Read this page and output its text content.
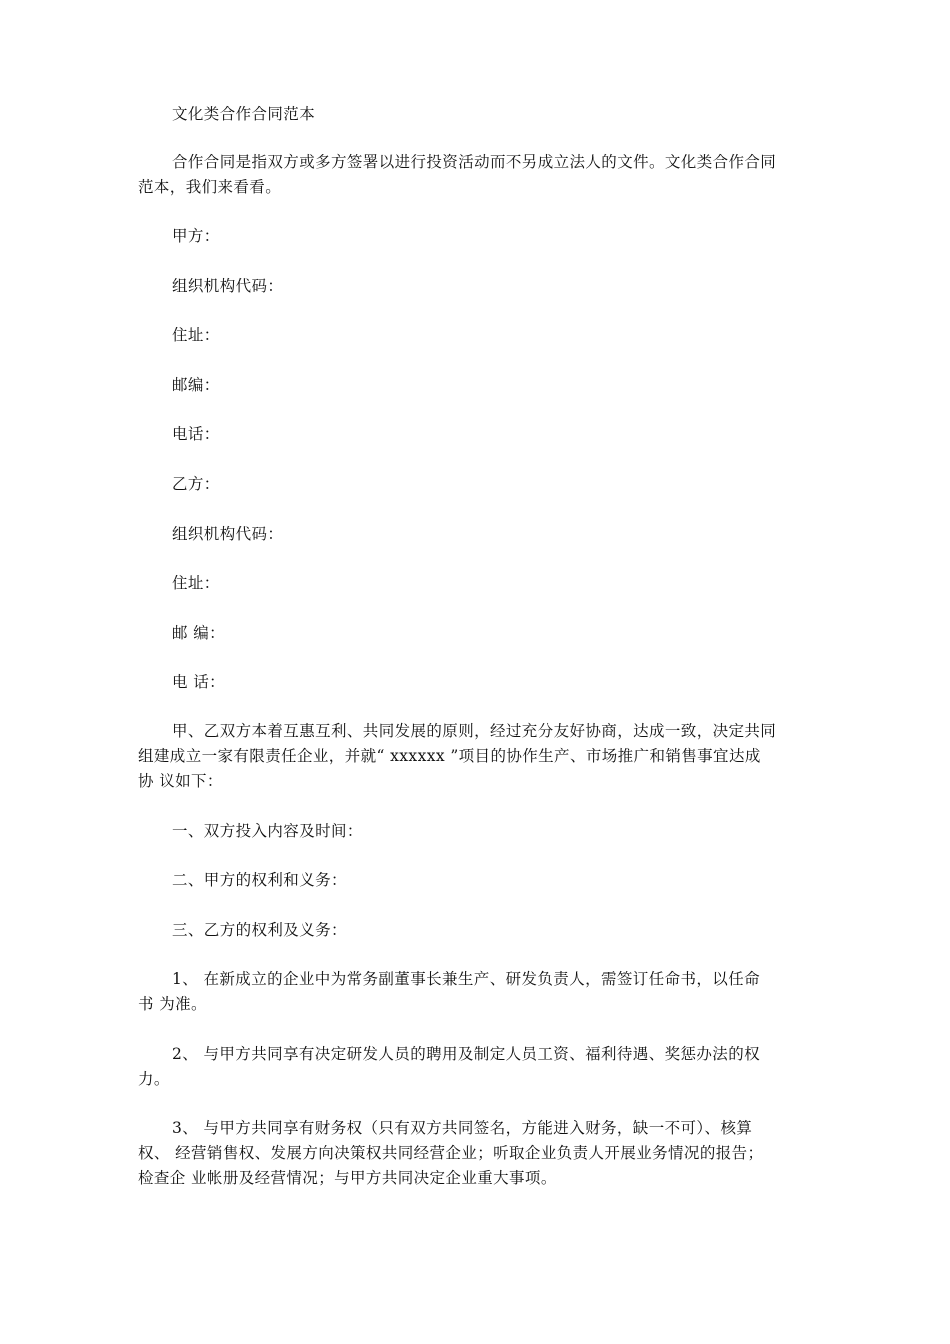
文化类合作合同范本
合作合同是指双方或多方签署以进行投资活动而不另成立法人的文件。文化类合作合同
范本，我们来看看。
甲方：
组织机构代码：
住址：
邮编：
电话：
乙方：
组织机构代码：
住址：
邮 编：
电 话：
甲、乙双方本着互惠互利、共同发展的原则，经过充分友好协商，达成一致，决定共同
组建成立一家有限责任企业，并就“ xxxxxx ”项目的协作生产、市场推广和销售事宜达成
协 议如下：
一、双方投入内容及时间：
二、甲方的权利和义务：
三、乙方的权利及义务：
1、 在新成立的企业中为常务副董事长兼生产、研发负责人，需签订任命书，以任命
书 为准。
2、 与甲方共同享有决定研发人员的聘用及制定人员工资、福利待遇、奖惩办法的权
力。
3、 与甲方共同享有财务权（只有双方共同签名，方能进入财务，缺一不可）、核算
权、 经营销售权、发展方向决策权共同经营企业；听取企业负责人开展业务情况的报告；
检查企 业帐册及经营情况；与甲方共同决定企业重大事项。
